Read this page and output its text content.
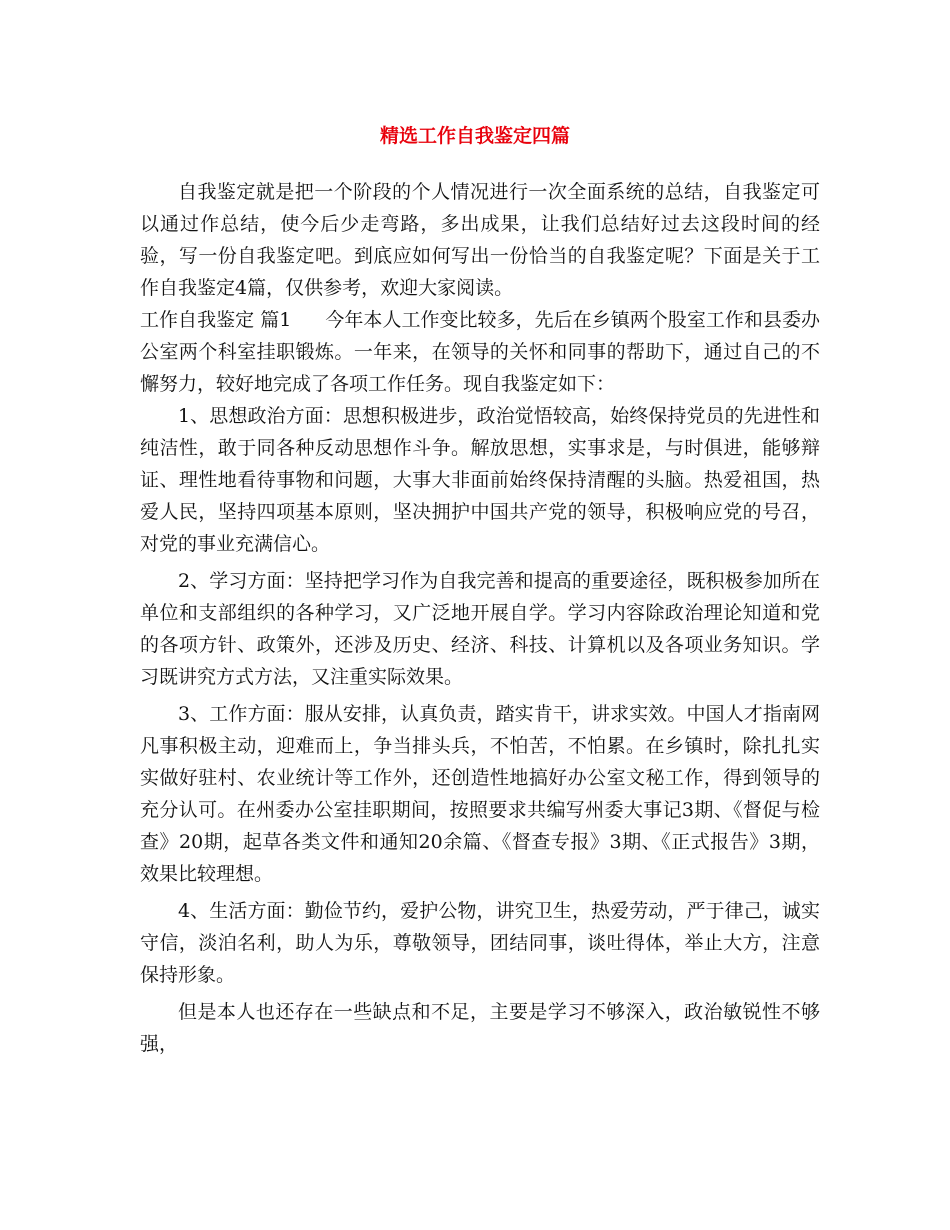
精选工作自我鉴定四篇

自我鉴定就是把一个阶段的个人情况进行一次全面系统的总结，自我鉴定可以通过作总结，使今后少走弯路，多出成果，让我们总结好过去这段时间的经验，写一份自我鉴定吧。到底应如何写出一份恰当的自我鉴定呢？下面是关于工作自我鉴定4篇，仅供参考，欢迎大家阅读。

工作自我鉴定 篇1 今年本人工作变比较多，先后在乡镇两个股室工作和县委办公室两个科室挂职锻炼。一年来，在领导的关怀和同事的帮助下，通过自己的不懈努力，较好地完成了各项工作任务。现自我鉴定如下：

1、思想政治方面：思想积极进步，政治觉悟较高，始终保持党员的先进性和纯洁性，敢于同各种反动思想作斗争。解放思想，实事求是，与时俱进，能够辩证、理性地看待事物和问题，大事大非面前始终保持清醒的头脑。热爱祖国，热爱人民，坚持四项基本原则，坚决拥护中国共产党的领导，积极响应党的号召，对党的事业充满信心。

2、学习方面：坚持把学习作为自我完善和提高的重要途径，既积极参加所在单位和支部组织的各种学习，又广泛地开展自学。学习内容除政治理论知道和党的各项方针、政策外，还涉及历史、经济、科技、计算机以及各项业务知识。学习既讲究方式方法，又注重实际效果。

3、工作方面：服从安排，认真负责，踏实肯干，讲求实效。中国人才指南网凡事积极主动，迎难而上，争当排头兵，不怕苦，不怕累。在乡镇时，除扎扎实实做好驻村、农业统计等工作外，还创造性地搞好办公室文秘工作，得到领导的充分认可。在州委办公室挂职期间，按照要求共编写州委大事记3期、《督促与检查》20期，起草各类文件和通知20余篇、《督查专报》3期、《正式报告》3期，效果比较理想。

4、生活方面：勤俭节约，爱护公物，讲究卫生，热爱劳动，严于律己，诚实守信，淡泊名利，助人为乐，尊敬领导，团结同事，谈吐得体，举止大方，注意保持形象。

但是本人也还存在一些缺点和不足，主要是学习不够深入，政治敏锐性不够强，
